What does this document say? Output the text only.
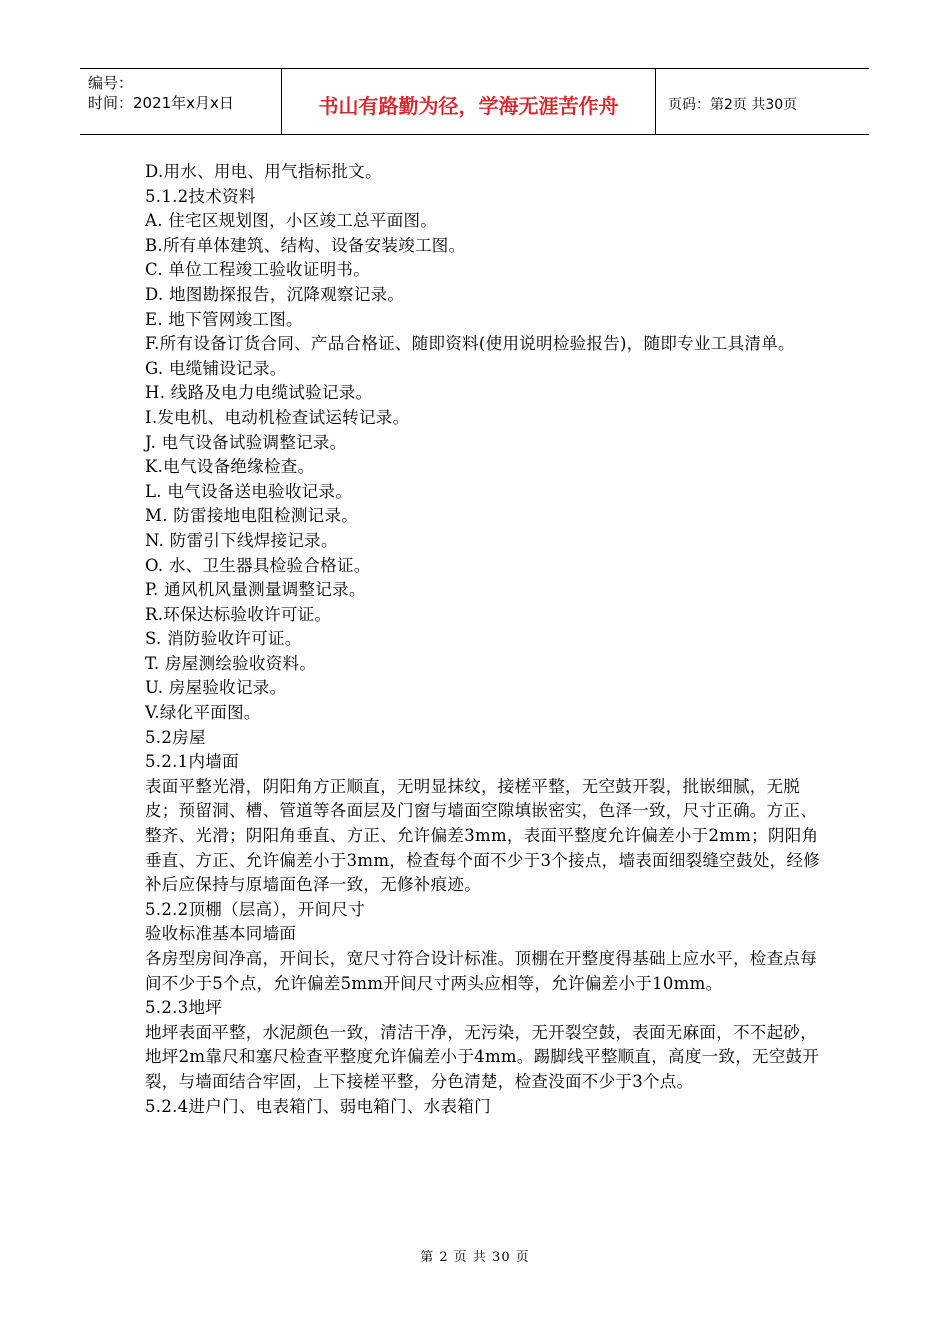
编号：
时间：2021年x月x日	书山有路勤为径，学海无涯苦作舟	页码：第2页 共30页

D.用水、用电、用气指标批文。

5.1.2技术资料

A. 住宅区规划图，小区竣工总平面图。

B.所有单体建筑、结构、设备安装竣工图。

C. 单位工程竣工验收证明书。

D. 地图勘探报告，沉降观察记录。

E. 地下管网竣工图。

F.所有设备订货合同、产品合格证、随即资料(使用说明检验报告)，随即专业工具清单。

G. 电缆铺设记录。

H. 线路及电力电缆试验记录。

I.发电机、电动机检查试运转记录。

J. 电气设备试验调整记录。

K.电气设备绝缘检查。

L. 电气设备送电验收记录。

M. 防雷接地电阻检测记录。

N. 防雷引下线焊接记录。

O. 水、卫生器具检验合格证。

P. 通风机风量测量调整记录。

R.环保达标验收许可证。

S. 消防验收许可证。

T. 房屋测绘验收资料。

U. 房屋验收记录。

V.绿化平面图。

5.2房屋

5.2.1内墙面

表面平整光滑，阴阳角方正顺直，无明显抹纹，接槎平整，无空鼓开裂，批嵌细腻，无脱皮；预留洞、槽、管道等各面层及门窗与墙面空隙填嵌密实，色泽一致，尺寸正确。方正、整齐、光滑；阴阳角垂直、方正、允许偏差3mm，表面平整度允许偏差小于2mm；阴阳角垂直、方正、允许偏差小于3mm，检查每个面不少于3个接点，墙表面细裂缝空鼓处，经修补后应保持与原墙面色泽一致，无修补痕迹。

5.2.2顶棚（层高），开间尺寸

验收标准基本同墙面

各房型房间净高，开间长，宽尺寸符合设计标准。顶棚在开整度得基础上应水平，检查点每间不少于5个点，允许偏差5mm开间尺寸两头应相等，允许偏差小于10mm。

5.2.3地坪

地坪表面平整，水泥颜色一致，清洁干净，无污染，无开裂空鼓，表面无麻面，不不起砂，地坪2m靠尺和塞尺检查平整度允许偏差小于4mm。踢脚线平整顺直，高度一致，无空鼓开裂，与墙面结合牢固，上下接槎平整，分色清楚，检查没面不少于3个点。

5.2.4进户门、电表箱门、弱电箱门、水表箱门

第 2 页 共 30 页
